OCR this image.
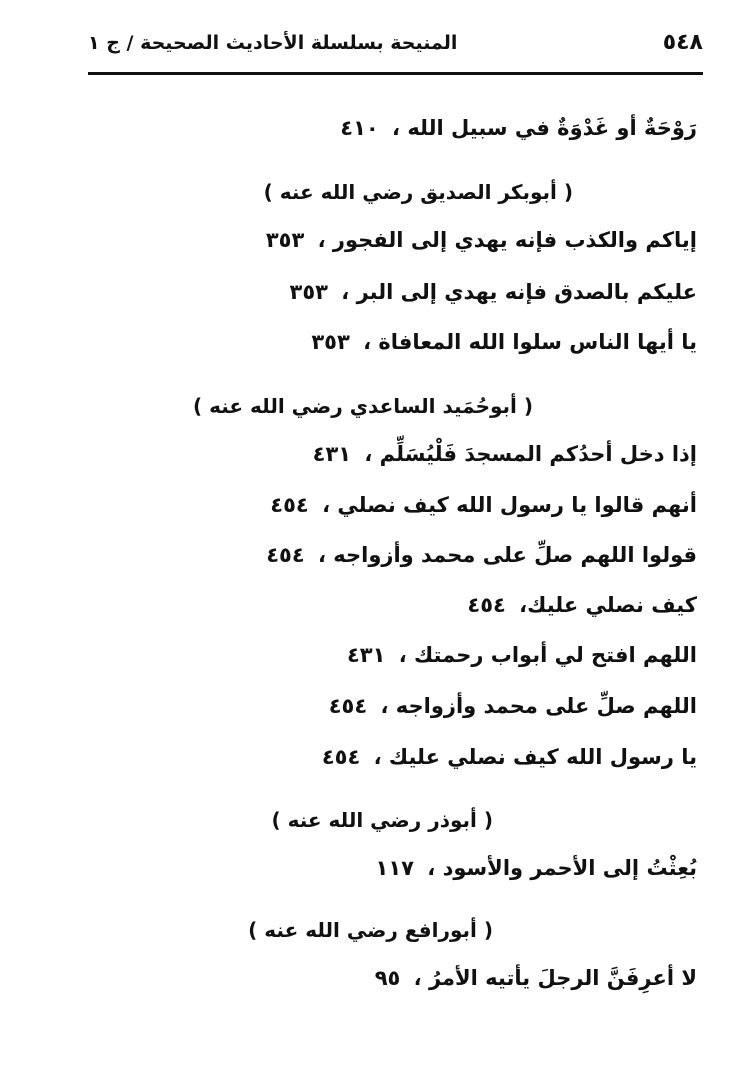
٥٤٨
المنيحة بسلسلة الأحاديث الصحيحة / ج ١
رَوْحَةٌ أو غَدْوَةٌ في سبيل الله ، ٤١٠
( أبوبكر الصديق رضي الله عنه )
إياكم والكذب فإنه يهدي إلى الفجور ، ٣٥٣
عليكم بالصدق فإنه يهدي إلى البر ، ٣٥٣
يا أيها الناس سلوا الله المعافاة ، ٣٥٣
( أبوحُمَيد الساعدي رضي الله عنه )
إذا دخل أحدُكم المسجدَ فَلْيُسَلِّم ، ٤٣١
أنهم قالوا يا رسول الله كيف نصلي ، ٤٥٤
قولوا اللهم صلِّ على محمد وأزواجه ، ٤٥٤
كيف نصلي عليك، ٤٥٤
اللهم افتح لي أبواب رحمتك ، ٤٣١
اللهم صلِّ على محمد وأزواجه ، ٤٥٤
يا رسول الله كيف نصلي عليك ، ٤٥٤
( أبوذر رضي الله عنه )
بُعِثْتُ إلى الأحمر والأسود ، ١١٧
( أبورافع رضي الله عنه )
لا أعرِفَنَّ الرجلَ يأتيه الأمرُ ، ٩٥
